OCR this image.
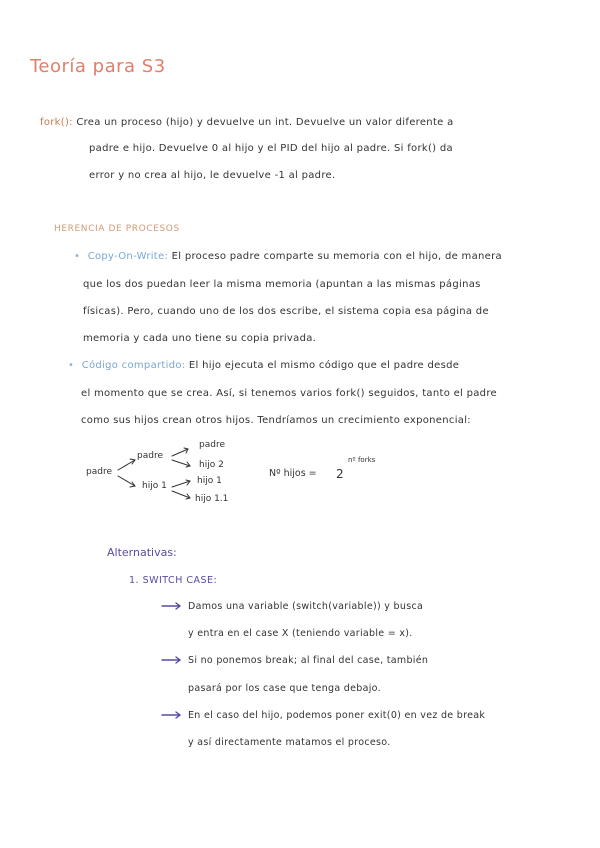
Teoría para S3
fork(): Crea un proceso (hijo) y devuelve un int. Devuelve un valor diferente a
padre e hijo. Devuelve 0 al hijo y el PID del hijo al padre. Si fork() da
error y no crea al hijo, le devuelve -1 al padre.
HERENCIA DE PROCESOS
• Copy-On-Write: El proceso padre comparte su memoria con el hijo, de manera
que los dos puedan leer la misma memoria (apuntan a las mismas páginas
físicas). Pero, cuando uno de los dos escribe, el sistema copia esa página de
memoria y cada uno tiene su copia privada.
• Código compartido: El hijo ejecuta el mismo código que el padre desde
el momento que se crea. Así, si tenemos varios fork() seguidos, tanto el padre
como sus hijos crean otros hijos. Tendríamos un crecimiento exponencial:
padre
padre
hijo 1
padre
hijo 2
hijo 1
hijo 1.1
Nº hijos = 2
nº forks
Alternativas:
1. SWITCH CASE:
Damos una variable (switch(variable)) y busca
y entra en el case X (teniendo variable = x).
Si no ponemos break; al final del case, también
pasará por los case que tenga debajo.
En el caso del hijo, podemos poner exit(0) en vez de break
y así directamente matamos el proceso.
